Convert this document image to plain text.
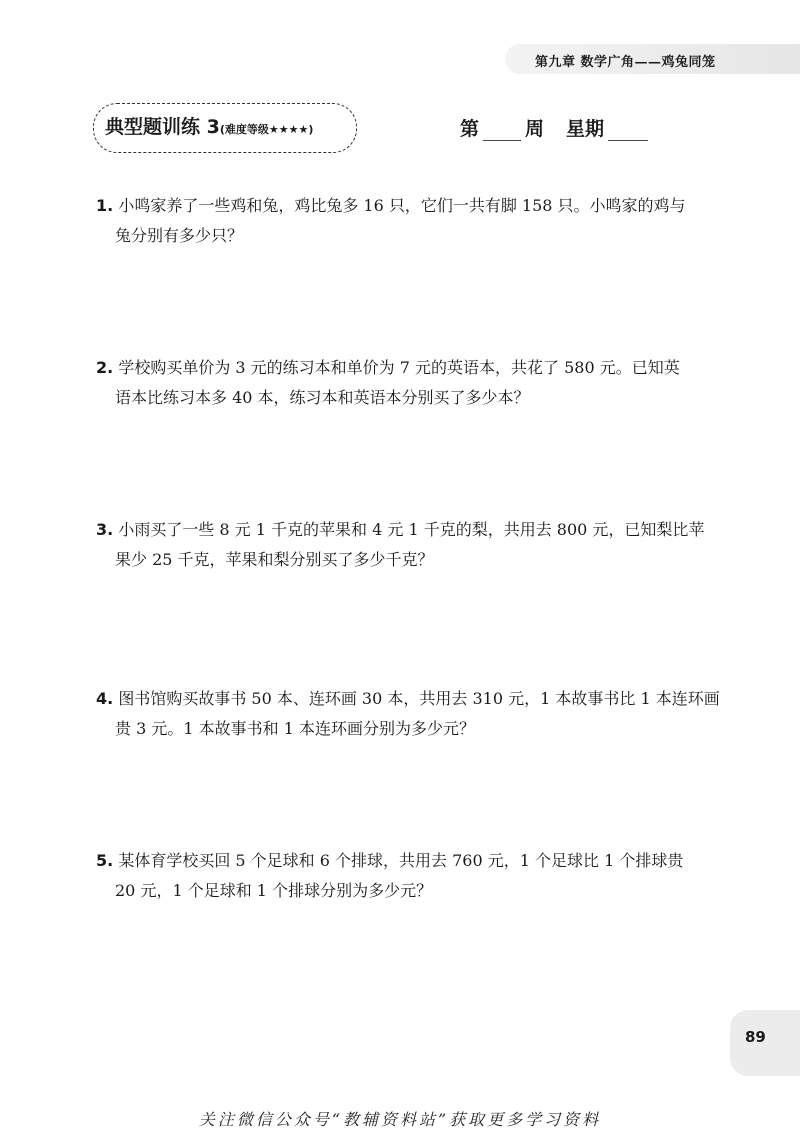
第九章 数学广角——鸡兔同笼
典型题训练 3(难度等级★★★★)	第 周 星期
1. 小鸣家养了一些鸡和兔，鸡比兔多 16 只，它们一共有脚 158 只。小鸣家的鸡与
兔分别有多少只？
2. 学校购买单价为 3 元的练习本和单价为 7 元的英语本，共花了 580 元。已知英
语本比练习本多 40 本，练习本和英语本分别买了多少本？
3. 小雨买了一些 8 元 1 千克的苹果和 4 元 1 千克的梨，共用去 800 元，已知梨比苹
果少 25 千克，苹果和梨分别买了多少千克？
4. 图书馆购买故事书 50 本、连环画 30 本，共用去 310 元，1 本故事书比 1 本连环画
贵 3 元。1 本故事书和 1 本连环画分别为多少元？
5. 某体育学校买回 5 个足球和 6 个排球，共用去 760 元，1 个足球比 1 个排球贵
20 元，1 个足球和 1 个排球分别为多少元？
89
关注微信公众号“教辅资料站”获取更多学习资料
